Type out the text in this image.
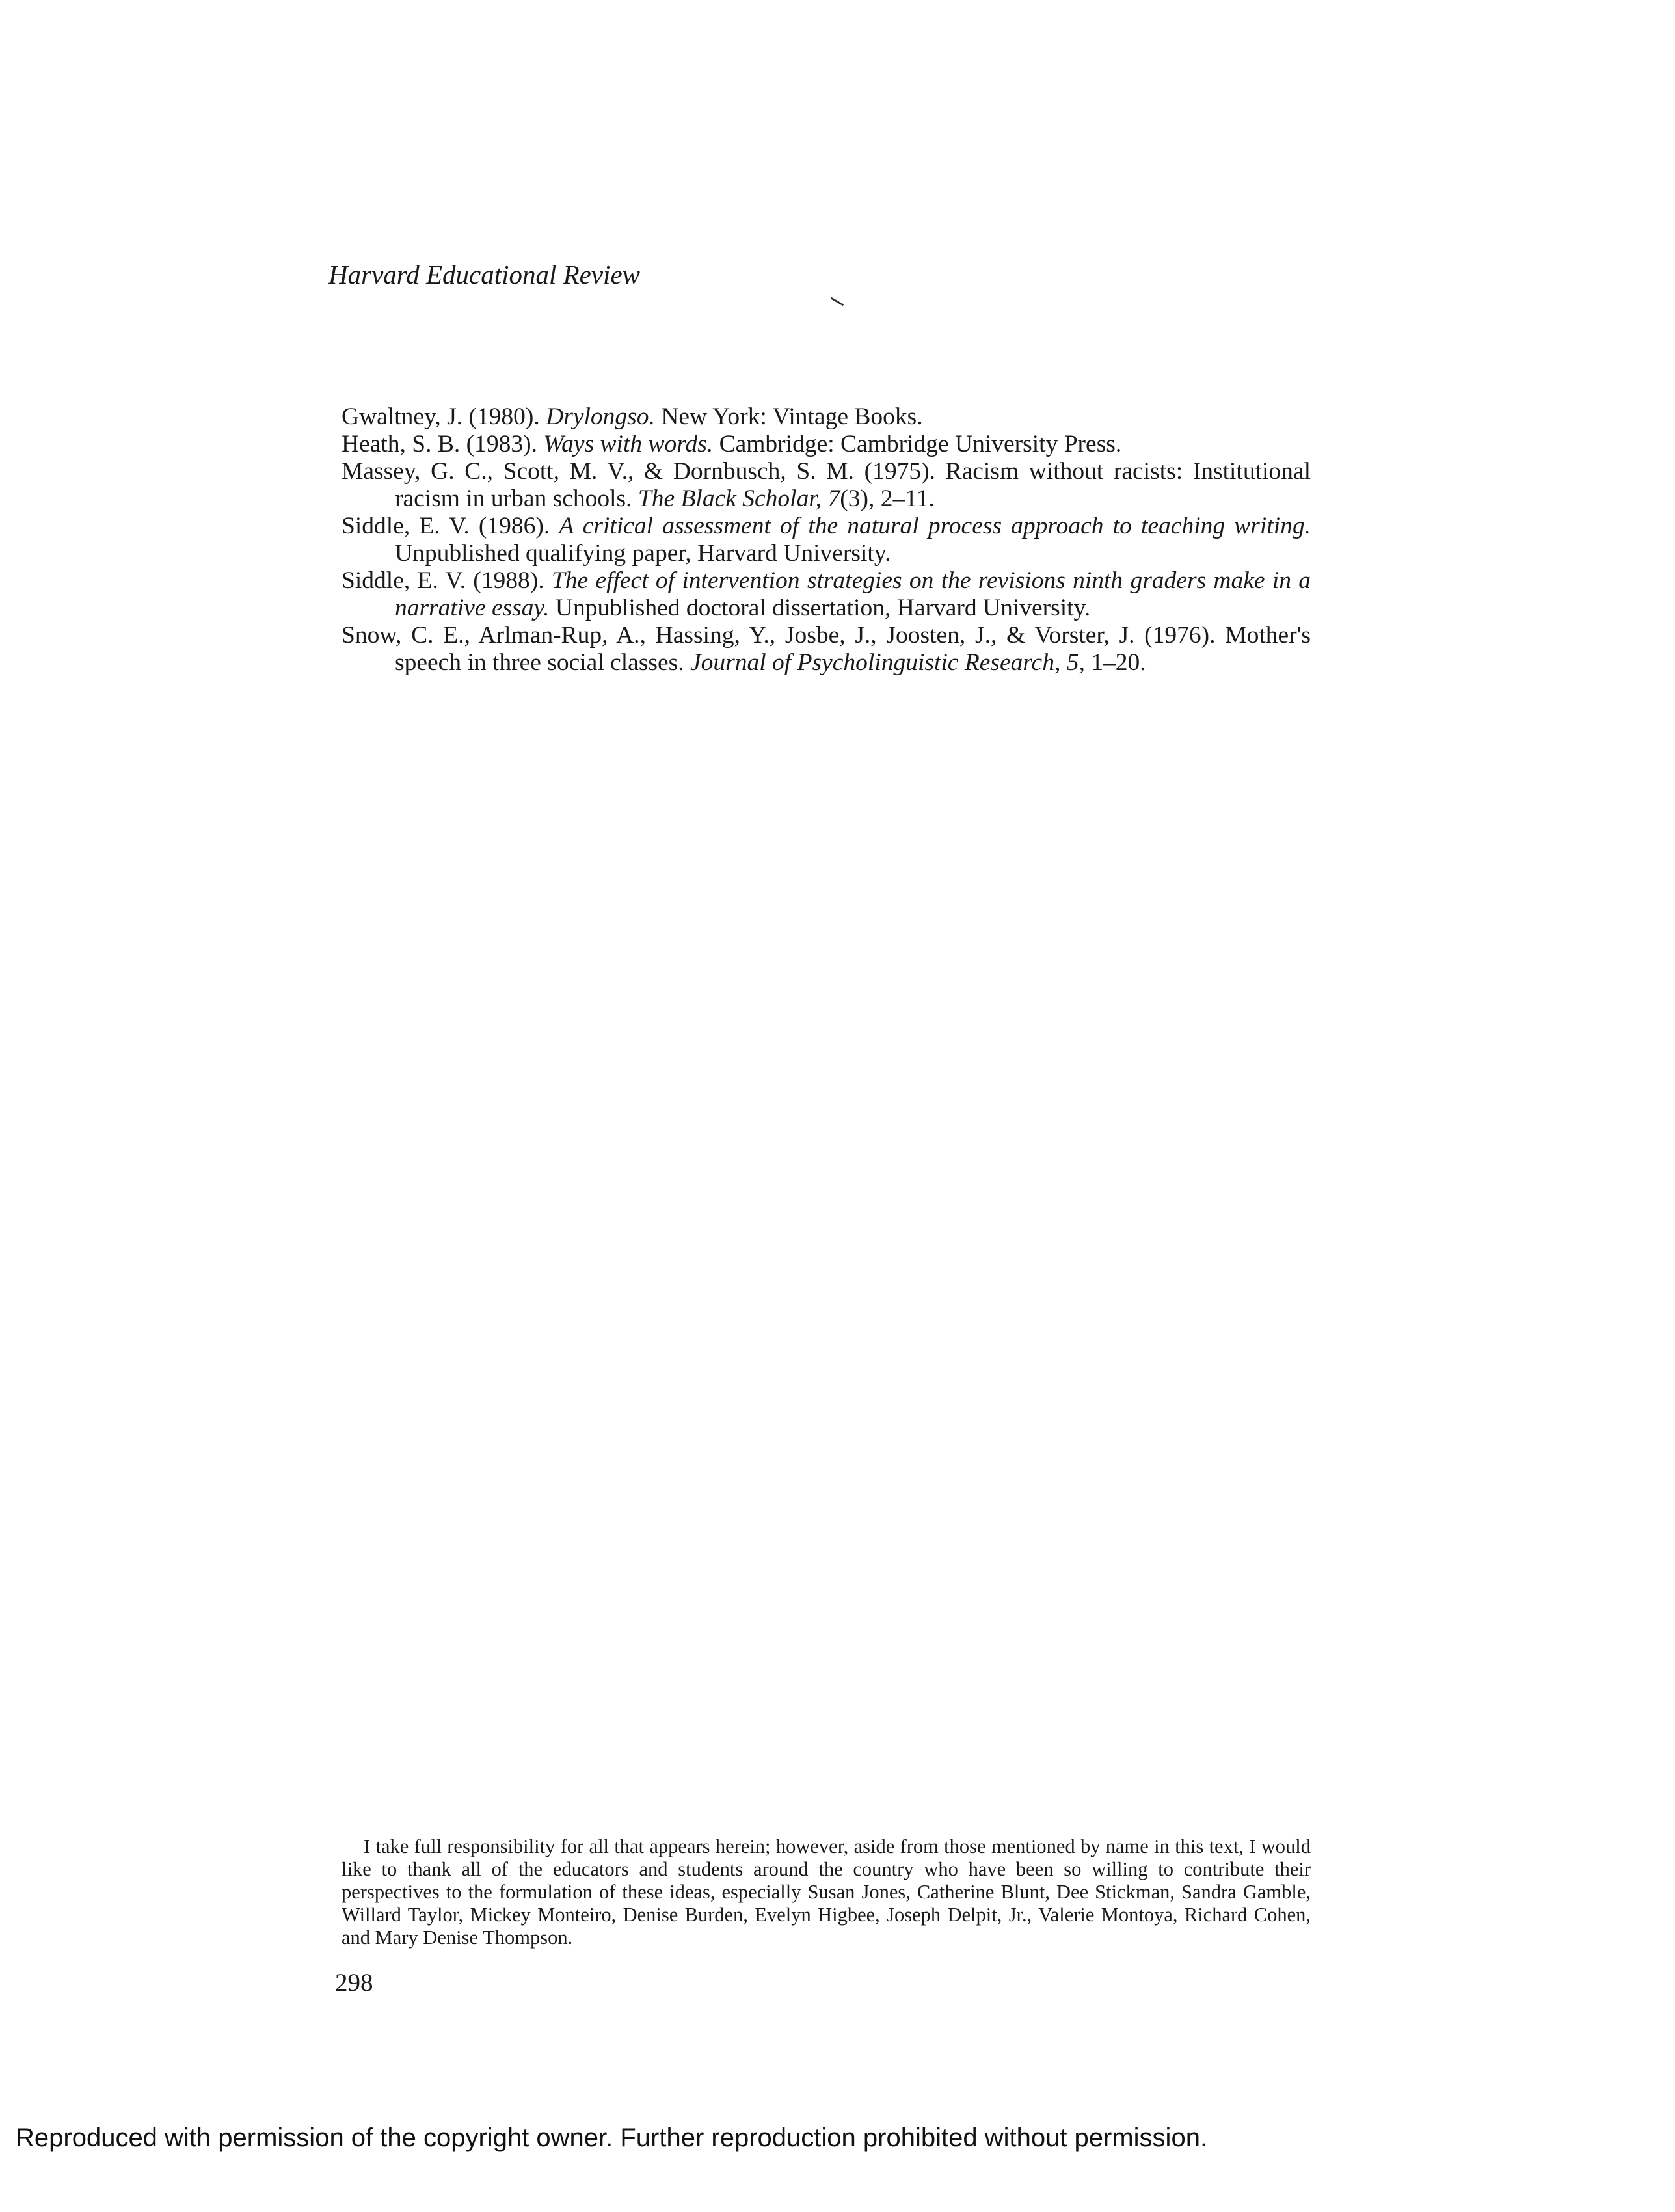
Harvard Educational Review

Gwaltney, J. (1980). Drylongso. New York: Vintage Books.

Heath, S. B. (1983). Ways with words. Cambridge: Cambridge University Press.

Massey, G. C., Scott, M. V., & Dornbusch, S. M. (1975). Racism without racists: Institutional racism in urban schools. The Black Scholar, 7(3), 2–11.

Siddle, E. V. (1986). A critical assessment of the natural process approach to teaching writing. Unpublished qualifying paper, Harvard University.

Siddle, E. V. (1988). The effect of intervention strategies on the revisions ninth graders make in a narrative essay. Unpublished doctoral dissertation, Harvard University.

Snow, C. E., Arlman-Rup, A., Hassing, Y., Josbe, J., Joosten, J., & Vorster, J. (1976). Mother's speech in three social classes. Journal of Psycholinguistic Research, 5, 1–20.

I take full responsibility for all that appears herein; however, aside from those mentioned by name in this text, I would like to thank all of the educators and students around the country who have been so willing to contribute their perspectives to the formulation of these ideas, especially Susan Jones, Catherine Blunt, Dee Stickman, Sandra Gamble, Willard Taylor, Mickey Monteiro, Denise Burden, Evelyn Higbee, Joseph Delpit, Jr., Valerie Montoya, Richard Cohen, and Mary Denise Thompson.

298
Reproduced with permission of the copyright owner. Further reproduction prohibited without permission.
